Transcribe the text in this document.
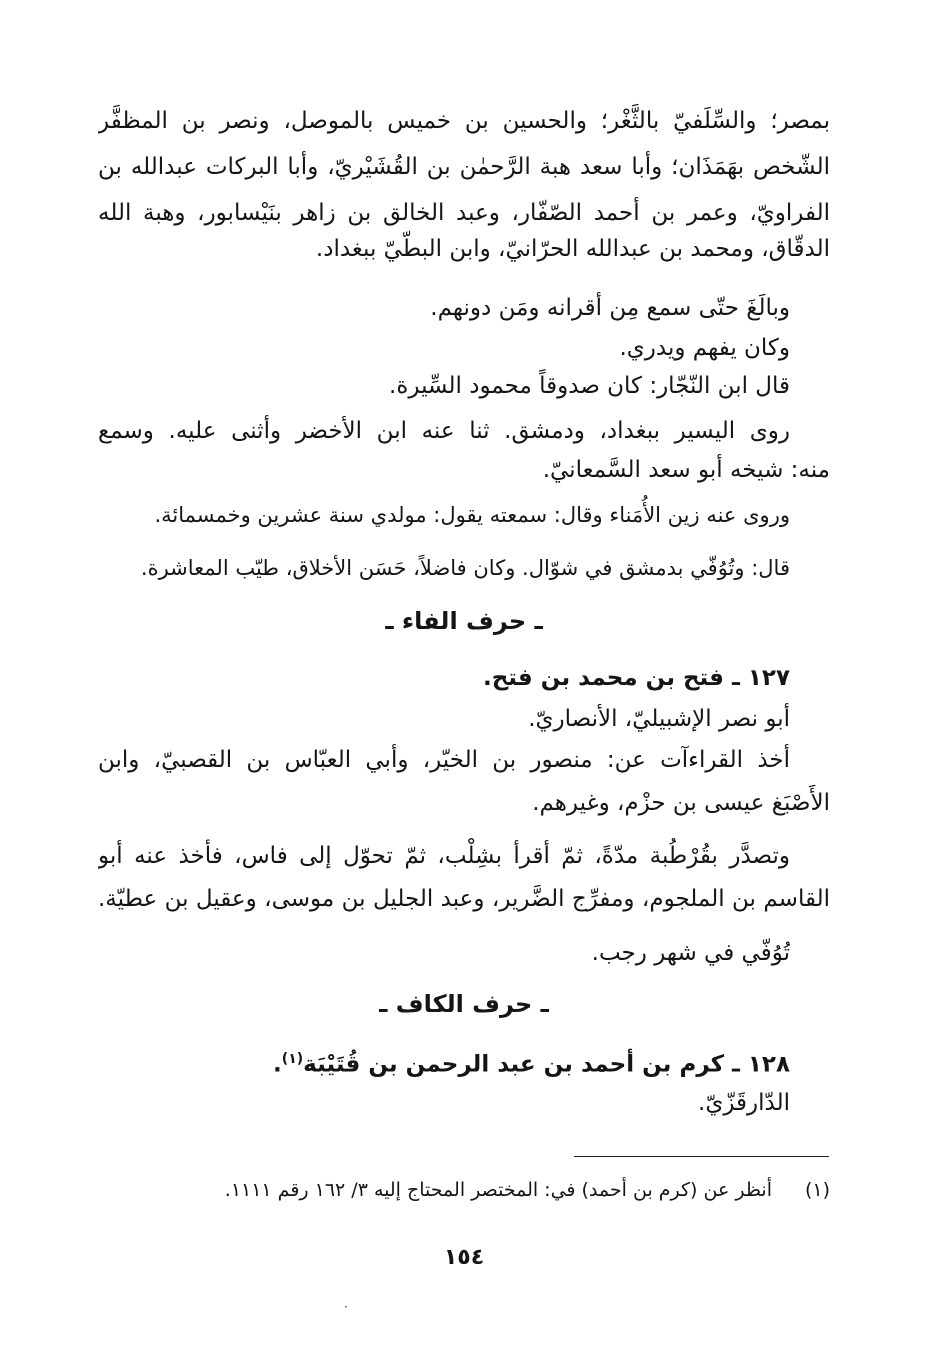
بمصر؛ والسِّلَفيّ بالثَّغْر؛ والحسين بن خميس بالموصل، ونصر بن المظفَّر
الشّخص بهَمَذَان؛ وأبا سعد هبة الرَّحمٰن بن القُشَيْريّ، وأبا البركات عبدالله بن
الفراويّ، وعمر بن أحمد الصّفّار، وعبد الخالق بن زاهر بنَيْسابور، وهبة الله
الدقّاق، ومحمد بن عبدالله الحرّانيّ، وابن البطّيّ ببغداد.
وبالَغَ حتّى سمع مِن أقرانه ومَن دونهم.
وكان يفهم ويدري.
قال ابن النّجّار: كان صدوقاً محمود السِّيرة.
روى اليسير ببغداد، ودمشق. ثنا عنه ابن الأخضر وأثنى عليه. وسمع
منه: شيخه أبو سعد السَّمعانيّ.
وروى عنه زين الأُمَناء وقال: سمعته يقول: مولدي سنة عشرين وخمسمائة.
قال: وتُوُفّي بدمشق في شوّال. وكان فاضلاً، حَسَن الأخلاق، طيّب المعاشرة.
ـ حرف الفاء ـ
١٢٧ ـ فتح بن محمد بن فتح.
أبو نصر الإشبيليّ، الأنصاريّ.
أخذ القراءآت عن: منصور بن الخيّر، وأبي العبّاس بن القصبيّ، وابن
الأَصْبَغ عيسى بن حزْم، وغيرهم.
وتصدَّر بقُرْطُبة مدّةً، ثمّ أقرأ بشِلْب، ثمّ تحوّل إلى فاس، فأخذ عنه أبو
القاسم بن الملجوم، ومفرِّج الضَّرير، وعبد الجليل بن موسى، وعقيل بن عطيّة.
تُوُفّي في شهر رجب.
ـ حرف الكاف ـ
١٢٨ ـ كرم بن أحمد بن عبد الرحمن بن قُتَيْبَة$^{(١)}$.
الدّارقَزّيّ.
(١)أنظر عن (كرم بن أحمد) في: المختصر المحتاج إليه ٣/ ١٦٢ رقم ١١١١.
١٥٤
·
